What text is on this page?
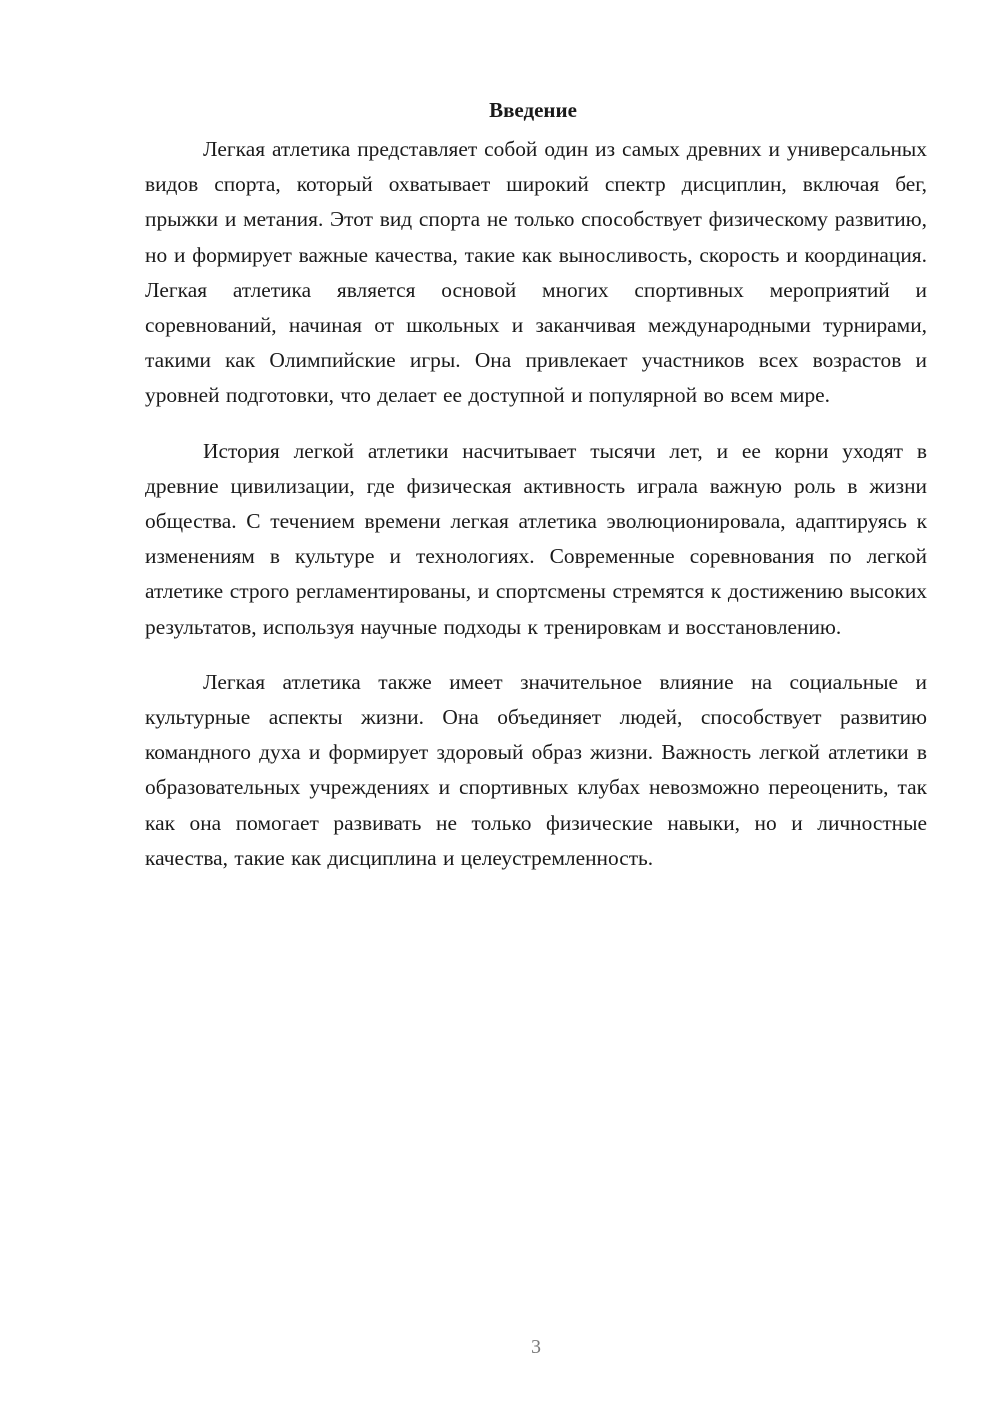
Введение

Легкая атлетика представляет собой один из самых древних и универсальных видов спорта, который охватывает широкий спектр дисциплин, включая бег, прыжки и метания. Этот вид спорта не только способствует физическому развитию, но и формирует важные качества, такие как выносливость, скорость и координация. Легкая атлетика является основой многих спортивных мероприятий и соревнований, начиная от школьных и заканчивая международными турнирами, такими как Олимпийские игры. Она привлекает участников всех возрастов и уровней подготовки, что делает ее доступной и популярной во всем мире.

История легкой атлетики насчитывает тысячи лет, и ее корни уходят в древние цивилизации, где физическая активность играла важную роль в жизни общества. С течением времени легкая атлетика эволюционировала, адаптируясь к изменениям в культуре и технологиях. Современные соревнования по легкой атлетике строго регламентированы, и спортсмены стремятся к достижению высоких результатов, используя научные подходы к тренировкам и восстановлению.

Легкая атлетика также имеет значительное влияние на социальные и культурные аспекты жизни. Она объединяет людей, способствует развитию командного духа и формирует здоровый образ жизни. Важность легкой атлетики в образовательных учреждениях и спортивных клубах невозможно переоценить, так как она помогает развивать не только физические навыки, но и личностные качества, такие как дисциплина и целеустремленность.

3
